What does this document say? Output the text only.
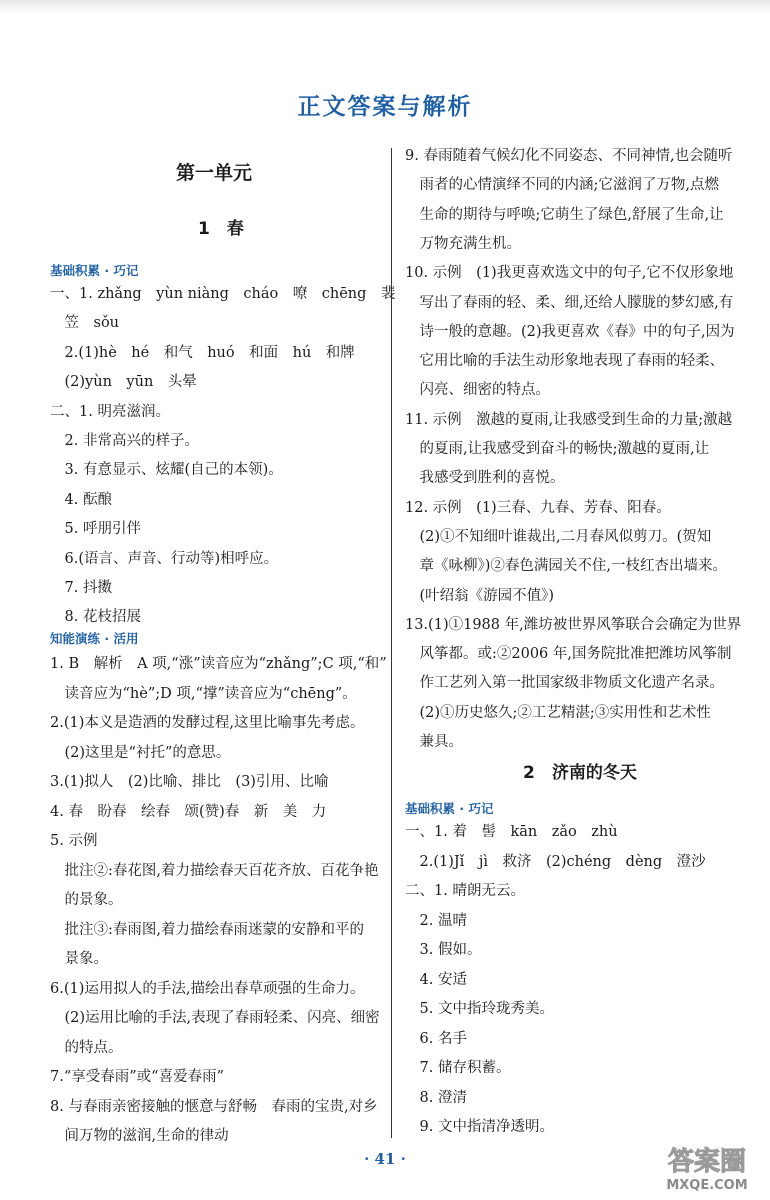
正文答案与解析
第一单元
1　春
基础积累 · 巧记
一、1. zhǎng　yùn niàng　cháo　嘹　chēng　裴
　笠　sǒu
　2.(1)hè　hé　和气　huó　和面　hú　和牌
　(2)yùn　yūn　头晕
二、1. 明亮滋润。
　2. 非常高兴的样子。
　3. 有意显示、炫耀(自己的本领)。
　4. 酝酿
　5. 呼朋引伴
　6.(语言、声音、行动等)相呼应。
　7. 抖擞
　8. 花枝招展
知能演练 · 活用
1. B　解析　A 项,“涨”读音应为“zhǎng”;C 项,“和”
　读音应为“hè”;D 项,“撑”读音应为“chēng”。
2.(1)本义是造酒的发酵过程,这里比喻事先考虑。
　(2)这里是“衬托”的意思。
3.(1)拟人　(2)比喻、排比　(3)引用、比喻
4. 春　盼春　绘春　颂(赞)春　新　美　力
5. 示例
　批注②:春花图,着力描绘春天百花齐放、百花争艳
　的景象。
　批注③:春雨图,着力描绘春雨迷蒙的安静和平的
　景象。
6.(1)运用拟人的手法,描绘出春草顽强的生命力。
　(2)运用比喻的手法,表现了春雨轻柔、闪亮、细密
　的特点。
7.“享受春雨”或“喜爱春雨”
8. 与春雨亲密接触的惬意与舒畅　春雨的宝贵,对乡
　间万物的滋润,生命的律动
9. 春雨随着气候幻化不同姿态、不同神情,也会随听
　雨者的心情演绎不同的内涵;它滋润了万物,点燃
　生命的期待与呼唤;它萌生了绿色,舒展了生命,让
　万物充满生机。
10. 示例　(1)我更喜欢选文中的句子,它不仅形象地
　写出了春雨的轻、柔、细,还给人朦胧的梦幻感,有
　诗一般的意趣。(2)我更喜欢《春》中的句子,因为
　它用比喻的手法生动形象地表现了春雨的轻柔、
　闪亮、细密的特点。
11. 示例　激越的夏雨,让我感受到生命的力量;激越
　的夏雨,让我感受到奋斗的畅快;激越的夏雨,让
　我感受到胜利的喜悦。
12. 示例　(1)三春、九春、芳春、阳春。
　(2)①不知细叶谁裁出,二月春风似剪刀。(贺知
　章《咏柳》)②春色满园关不住,一枝红杏出墙来。
　(叶绍翁《游园不值》)
13.(1)①1988 年,潍坊被世界风筝联合会确定为世界
　风筝都。或:②2006 年,国务院批准把潍坊风筝制
　作工艺列入第一批国家级非物质文化遗产名录。
　(2)①历史悠久;②工艺精湛;③实用性和艺术性
　兼具。
2　济南的冬天
基础积累 · 巧记
一、1. 着　髻　kān　zǎo　zhù
　2.(1)Jǐ　jì　救济　(2)chéng　dèng　澄沙
二、1. 晴朗无云。
　2. 温晴
　3. 假如。
　4. 安适
　5. 文中指玲珑秀美。
　6. 名手
　7. 储存积蓄。
　8. 澄清
　9. 文中指清净透明。
· 41 ·	答案圈
MXQE.COM
